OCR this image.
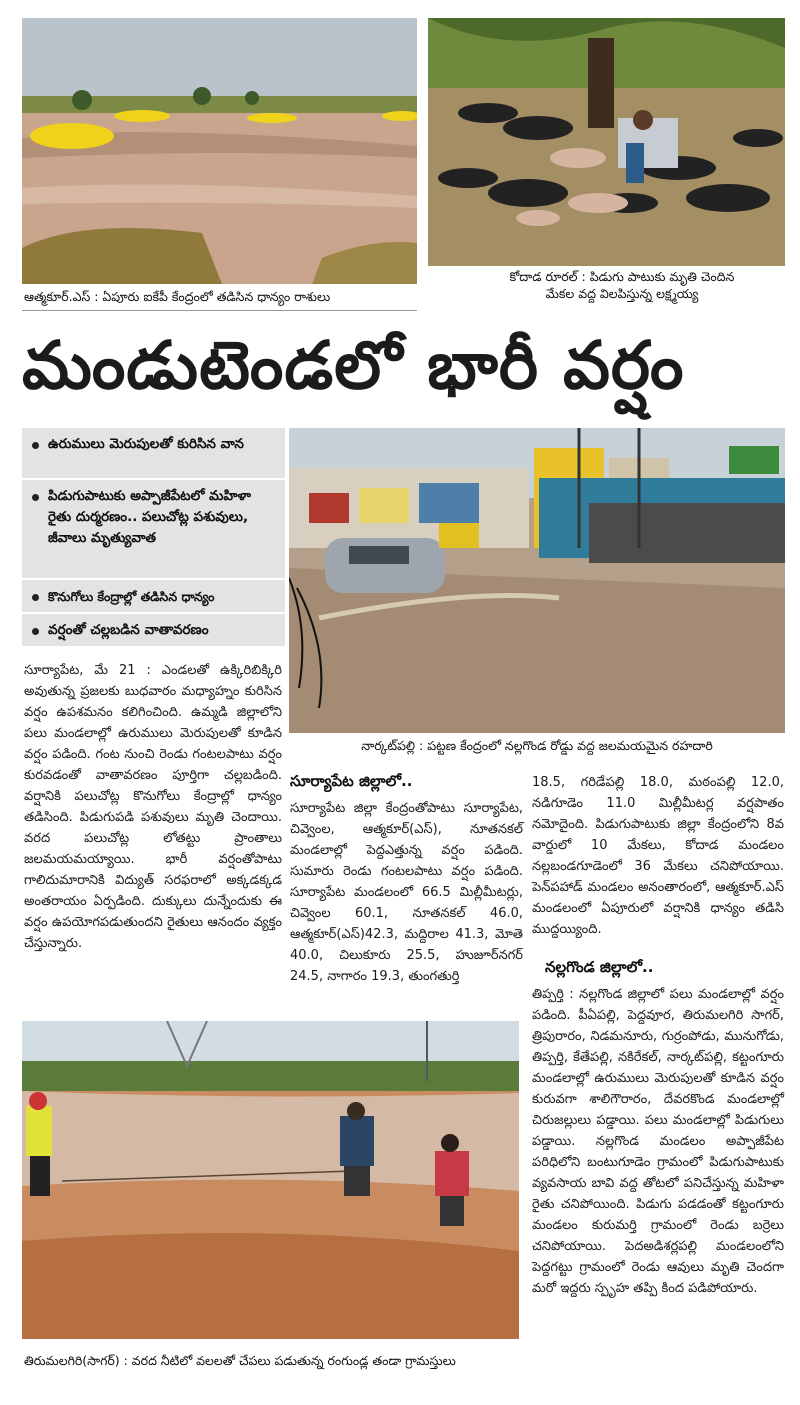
ఆత్మకూర్.ఎస్ : ఏపూరు ఐకేపీ కేంద్రంలో తడిసిన ధాన్యం రాశులు
కోదాడ రూరల్ : పిడుగు పాటుకు మృతి చెందిన
మేకల వద్ద విలపిస్తున్న లక్ష్మయ్య
మండుటెండలో భారీ వర్షం
ఉరుములు మెరుపులతో కురిసిన వాన
పిడుగుపాటుకు అప్పాజీపేటలో మహిళా రైతు దుర్మరణం.. పలుచోట్ల పశువులు, జీవాలు మృత్యువాత
కొనుగోలు కేంద్రాల్లో తడిసిన ధాన్యం
వర్షంతో చల్లబడిన వాతావరణం
నార్కట్‌పల్లి : పట్టణ కేంద్రంలో నల్లగొండ రోడ్డు వద్ద జలమయమైన రహదారి
సూర్యాపేట, మే 21 : ఎండలతో ఉక్కిరిబిక్కిరి అవుతున్న ప్రజలకు బుధవారం మధ్యాహ్నం కురిసిన వర్షం ఉపశమనం కలిగించింది. ఉమ్మడి జిల్లాలోని పలు మండలాల్లో ఉరుములు మెరుపులతో కూడిన వర్షం పడింది. గంట నుంచి రెండు గంటలపాటు వర్షం కురవడంతో వాతావరణం పూర్తిగా చల్లబడింది. వర్షానికి పలుచోట్ల కొనుగోలు కేంద్రాల్లో ధాన్యం తడిసింది. పిడుగుపడి పశువులు మృతి చెందాయి. వరద పలుచోట్ల లోతట్టు ప్రాంతాలు జలమయమయ్యాయి. భారీ వర్షంతోపాటు గాలిదుమారానికి విద్యుత్ సరఫరాలో అక్కడక్కడ అంతరాయం ఏర్పడింది. దుక్కులు దున్నేందుకు ఈ వర్షం ఉపయోగపడుతుందని రైతులు ఆనందం వ్యక్తం చేస్తున్నారు.
సూర్యాపేట జిల్లాలో..
సూర్యాపేట జిల్లా కేంద్రంతోపాటు సూర్యాపేట, చివ్వెంల, ఆత్మకూర్(ఎస్), నూతనకల్ మండలాల్లో పెద్దఎత్తున్న వర్షం పడింది. సుమారు రెండు గంటలపాటు వర్షం పడింది. సూర్యాపేట మండలంలో 66.5 మిల్లీమీటర్లు, చివ్వెంల 60.1, నూతనకల్ 46.0, ఆత్మకూర్(ఎస్)42.3, మద్దిరాల 41.3, మోతె 40.0, చిలుకూరు 25.5, హుజూర్‌నగర్ 24.5, నాగారం 19.3, తుంగతుర్తి
18.5, గరిడేపల్లి 18.0, మఠంపల్లి 12.0, నడిగూడెం 11.0 మిల్లీమీటర్ల వర్షపాతం నమోదైంది. పిడుగుపాటుకు జిల్లా కేంద్రంలోని 8వ వార్డులో 10 మేకలు, కోదాడ మండలం నల్లబండగూడెంలో 36 మేకలు చనిపోయాయి. పెన్‌పహాడ్ మండలం అనంతారంలో, ఆత్మకూర్.ఎస్ మండలంలో ఏపూరులో వర్షానికి ధాన్యం తడిసి ముద్దయ్యింది.
నల్లగొండ జిల్లాలో..
తిప్పర్తి : నల్లగొండ జిల్లాలో పలు మండలాల్లో వర్షం పడింది. పీఏపల్లి, పెద్దవూర, తిరుమలగిరి సాగర్, త్రిపురారం, నిడమనూరు, గుర్రంపోడు, మునుగోడు, తిప్పర్తి, కేతేపల్లి, నకిరేకల్, నార్కట్‌పల్లి, కట్టంగూరు మండలాల్లో ఉరుములు మెరుపులతో కూడిన వర్షం కురువగా శాలిగౌరారం, దేవరకొండ మండలాల్లో చిరుజల్లులు పడ్డాయి. పలు మండలాల్లో పిడుగులు పడ్డాయి. నల్లగొండ మండలం అప్పాజీపేట పరిధిలోని బంటుగూడెం గ్రామంలో పిడుగుపాటుకు వ్యవసాయ బావి వద్ద తోటలో పనిచేస్తున్న మహిళా రైతు చనిపోయింది. పిడుగు పడడంతో కట్టంగూరు మండలం కురుమర్తి గ్రామంలో రెండు బర్రెలు చనిపోయాయి. పెదఅడిశర్లపల్లి మండలంలోని పెద్దగట్టు గ్రామంలో రెండు ఆవులు మృతి చెందగా మరో ఇద్దరు స్పృహ తప్పి కింద పడిపోయారు.
తిరుమలగిరి(సాగర్) : వరద నీటిలో వలలతో చేపలు పడుతున్న రంగుండ్ల తండా గ్రామస్తులు
